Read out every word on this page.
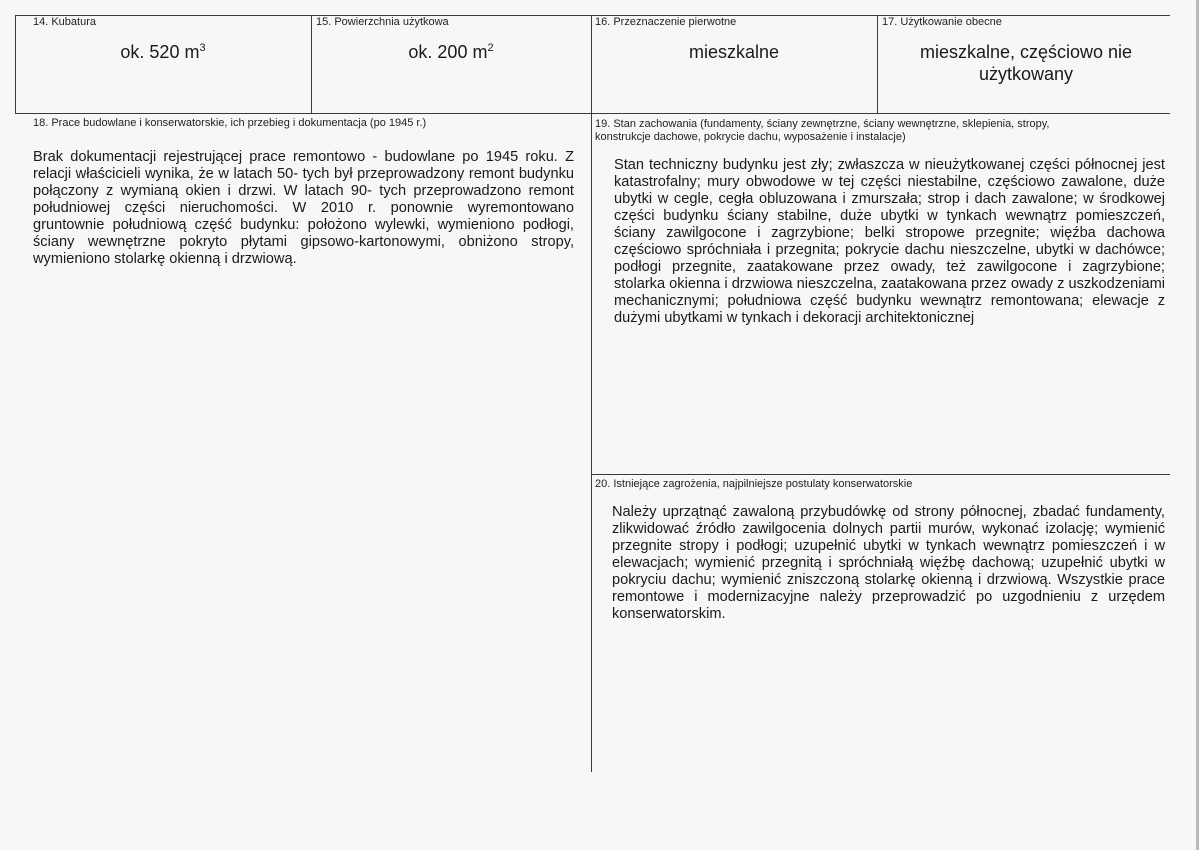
14. Kubatura
ok. 520 $m^3$
15. Powierzchnia użytkowa
ok. 200 $m^2$
16. Przeznaczenie pierwotne
mieszkalne
17. Użytkowanie obecne
mieszkalne, częściowo nie użytkowany
18. Prace budowlane i konserwatorskie, ich przebieg i dokumentacja (po 1945 r.)
Brak dokumentacji rejestrującej prace remontowo - budowlane po 1945 roku. Z relacji właścicieli wynika, że w latach 50- tych był przeprowadzony remont budynku połączony z wymianą okien i drzwi. W latach 90- tych przeprowadzono remont południowej części nieruchomości. W 2010 r. ponownie wyremontowano gruntownie południową część budynku: położono wylewki, wymieniono podłogi, ściany wewnętrzne pokryto płytami gipsowo-kartonowymi, obniżono stropy, wymieniono stolarkę okienną i drzwiową.
19. Stan zachowania (fundamenty, ściany zewnętrzne, ściany wewnętrzne, sklepienia, stropy, konstrukcje dachowe, pokrycie dachu, wyposażenie i instalacje)
Stan techniczny budynku jest zły; zwłaszcza w nieużytkowanej części północnej jest katastrofalny; mury obwodowe w tej części niestabilne, częściowo zawalone, duże ubytki w cegle, cegła obluzowana i zmurszała; strop i dach zawalone; w środkowej części budynku ściany stabilne, duże ubytki w tynkach wewnątrz pomieszczeń, ściany zawilgocone i zagrzybione; belki stropowe przegnite; więźba dachowa częściowo spróchniała i przegnita; pokrycie dachu nieszczelne, ubytki w dachówce; podłogi przegnite, zaatakowane przez owady, też zawilgocone i zagrzybione; stolarka okienna i drzwiowa nieszczelna, zaatakowana przez owady z uszkodzeniami mechanicznymi; południowa część budynku wewnątrz remontowana; elewacje z dużymi ubytkami w tynkach i dekoracji architektonicznej
20. Istniejące zagrożenia, najpilniejsze postulaty konserwatorskie
Należy uprzątnąć zawaloną przybudówkę od strony północnej, zbadać fundamenty, zlikwidować źródło zawilgocenia dolnych partii murów, wykonać izolację; wymienić przegnite stropy i podłogi; uzupełnić ubytki w tynkach wewnątrz pomieszczeń i w elewacjach; wymienić przegnitą i spróchniałą więźbę dachową; uzupełnić ubytki w pokryciu dachu; wymienić zniszczoną stolarkę okienną i drzwiową. Wszystkie prace remontowe i modernizacyjne należy przeprowadzić po uzgodnieniu z urzędem konserwatorskim.
